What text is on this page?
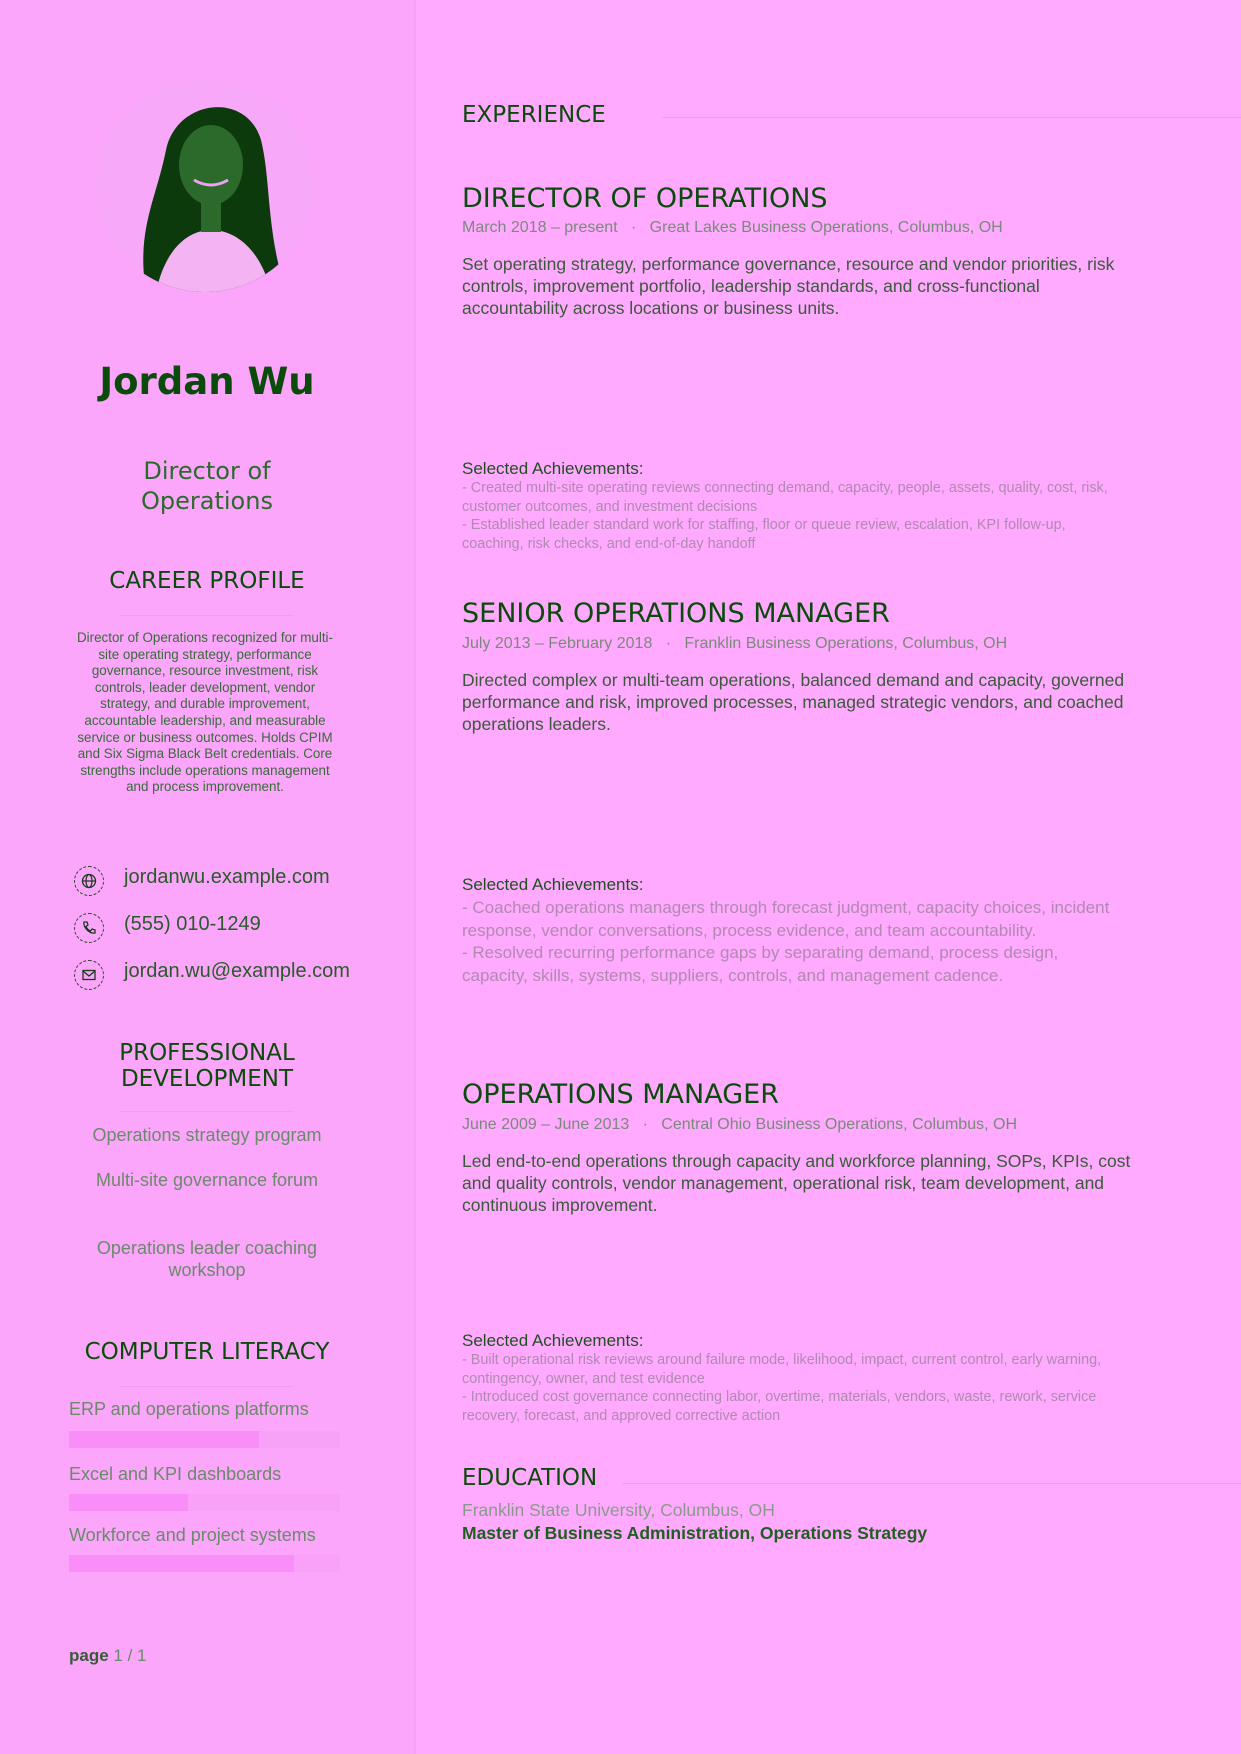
Jordan Wu
Director of Operations
CAREER PROFILE
Director of Operations recognized for multi-site operating strategy, performance governance, resource investment, risk controls, leader development, vendor strategy, and durable improvement, accountable leadership, and measurable service or business outcomes. Holds CPIM and Six Sigma Black Belt credentials. Core strengths include operations management and process improvement.
jordanwu.example.com
(555) 010-1249
jordan.wu@example.com
PROFESSIONAL DEVELOPMENT
Operations strategy program
Multi-site governance forum
Operations leader coaching workshop
COMPUTER LITERACY
ERP and operations platforms
Excel and KPI dashboards
Workforce and project systems
page 1 / 1
EXPERIENCE
DIRECTOR OF OPERATIONS
March 2018 – present · Great Lakes Business Operations, Columbus, OH
Set operating strategy, performance governance, resource and vendor priorities, risk controls, improvement portfolio, leadership standards, and cross-functional accountability across locations or business units.
Selected Achievements:
- Created multi-site operating reviews connecting demand, capacity, people, assets, quality, cost, risk, customer outcomes, and investment decisions
- Established leader standard work for staffing, floor or queue review, escalation, KPI follow-up, coaching, risk checks, and end-of-day handoff
SENIOR OPERATIONS MANAGER
July 2013 – February 2018 · Franklin Business Operations, Columbus, OH
Directed complex or multi-team operations, balanced demand and capacity, governed performance and risk, improved processes, managed strategic vendors, and coached operations leaders.
Selected Achievements:
- Coached operations managers through forecast judgment, capacity choices, incident response, vendor conversations, process evidence, and team accountability.
- Resolved recurring performance gaps by separating demand, process design, capacity, skills, systems, suppliers, controls, and management cadence.
OPERATIONS MANAGER
June 2009 – June 2013 · Central Ohio Business Operations, Columbus, OH
Led end-to-end operations through capacity and workforce planning, SOPs, KPIs, cost and quality controls, vendor management, operational risk, team development, and continuous improvement.
Selected Achievements:
- Built operational risk reviews around failure mode, likelihood, impact, current control, early warning, contingency, owner, and test evidence
- Introduced cost governance connecting labor, overtime, materials, vendors, waste, rework, service recovery, forecast, and approved corrective action
EDUCATION
Franklin State University, Columbus, OH
Master of Business Administration, Operations Strategy
